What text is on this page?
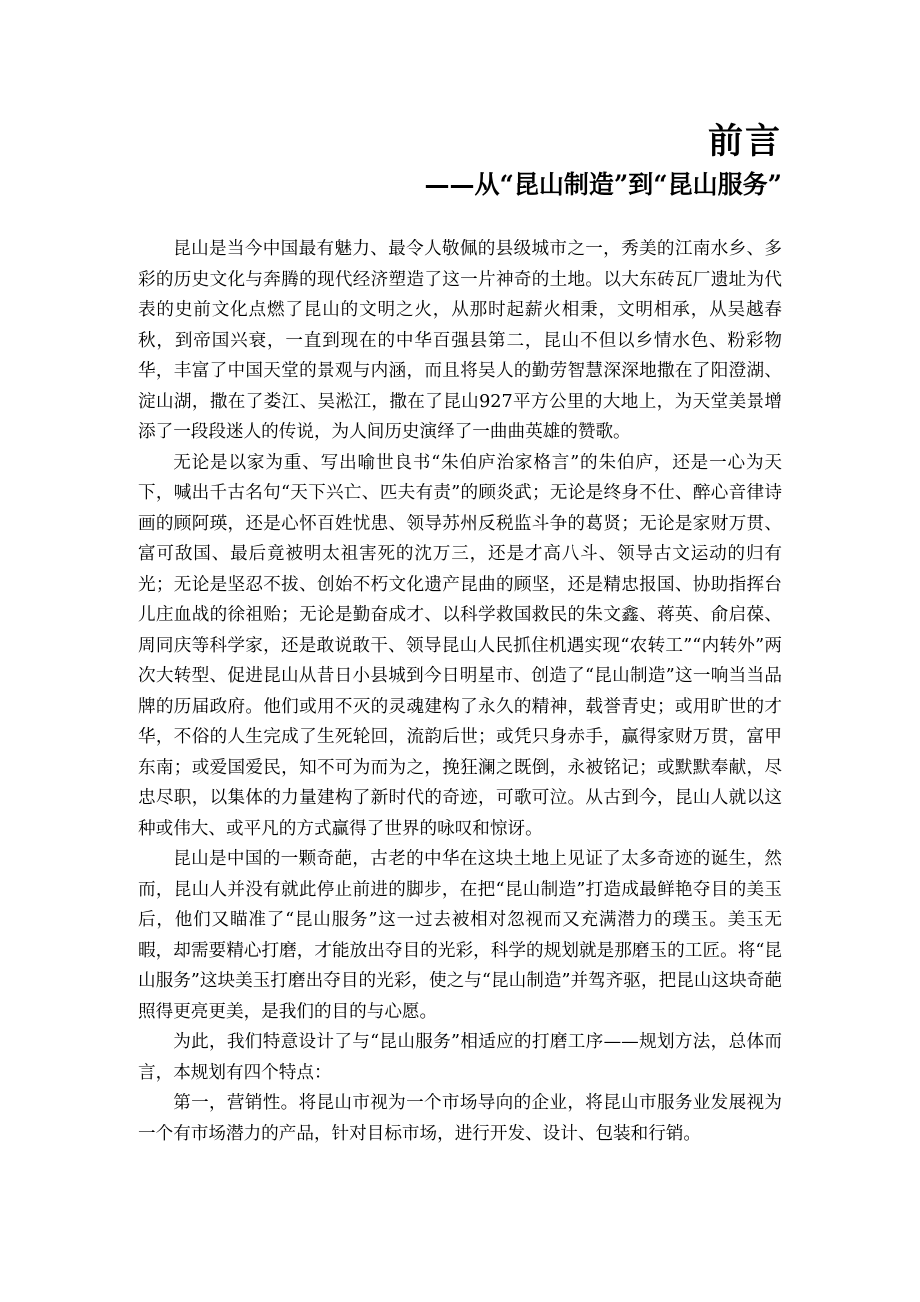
前言
——从“昆山制造”到“昆山服务”

昆山是当今中国最有魅力、最令人敬佩的县级城市之一，秀美的江南水乡、多彩的历史文化与奔腾的现代经济塑造了这一片神奇的土地。以大东砖瓦厂遗址为代表的史前文化点燃了昆山的文明之火，从那时起薪火相秉，文明相承，从吴越春秋，到帝国兴衰，一直到现在的中华百强县第二，昆山不但以乡情水色、粉彩物华，丰富了中国天堂的景观与内涵，而且将吴人的勤劳智慧深深地撒在了阳澄湖、淀山湖，撒在了娄江、吴淞江，撒在了昆山927平方公里的大地上，为天堂美景增添了一段段迷人的传说，为人间历史演绎了一曲曲英雄的赞歌。

无论是以家为重、写出喻世良书“朱伯庐治家格言”的朱伯庐，还是一心为天下，喊出千古名句“天下兴亡、匹夫有责”的顾炎武；无论是终身不仕、醉心音律诗画的顾阿瑛，还是心怀百姓忧患、领导苏州反税监斗争的葛贤；无论是家财万贯、富可敌国、最后竟被明太祖害死的沈万三，还是才高八斗、领导古文运动的归有光；无论是坚忍不拔、创始不朽文化遗产昆曲的顾坚，还是精忠报国、协助指挥台儿庄血战的徐祖贻；无论是勤奋成才、以科学救国救民的朱文鑫、蒋英、俞启葆、周同庆等科学家，还是敢说敢干、领导昆山人民抓住机遇实现“农转工”“内转外”两次大转型、促进昆山从昔日小县城到今日明星市、创造了“昆山制造”这一响当当品牌的历届政府。他们或用不灭的灵魂建构了永久的精神，载誉青史；或用旷世的才华，不俗的人生完成了生死轮回，流韵后世；或凭只身赤手，赢得家财万贯，富甲东南；或爱国爱民，知不可为而为之，挽狂澜之既倒，永被铭记；或默默奉献，尽忠尽职，以集体的力量建构了新时代的奇迹，可歌可泣。从古到今，昆山人就以这种或伟大、或平凡的方式赢得了世界的咏叹和惊讶。

昆山是中国的一颗奇葩，古老的中华在这块土地上见证了太多奇迹的诞生，然而，昆山人并没有就此停止前进的脚步，在把“昆山制造”打造成最鲜艳夺目的美玉后，他们又瞄准了“昆山服务”这一过去被相对忽视而又充满潜力的璞玉。美玉无暇，却需要精心打磨，才能放出夺目的光彩，科学的规划就是那磨玉的工匠。将“昆山服务”这块美玉打磨出夺目的光彩，使之与“昆山制造”并驾齐驱，把昆山这块奇葩照得更亮更美，是我们的目的与心愿。

为此，我们特意设计了与“昆山服务”相适应的打磨工序——规划方法，总体而言，本规划有四个特点：

第一，营销性。将昆山市视为一个市场导向的企业，将昆山市服务业发展视为一个有市场潜力的产品，针对目标市场，进行开发、设计、包装和行销。
